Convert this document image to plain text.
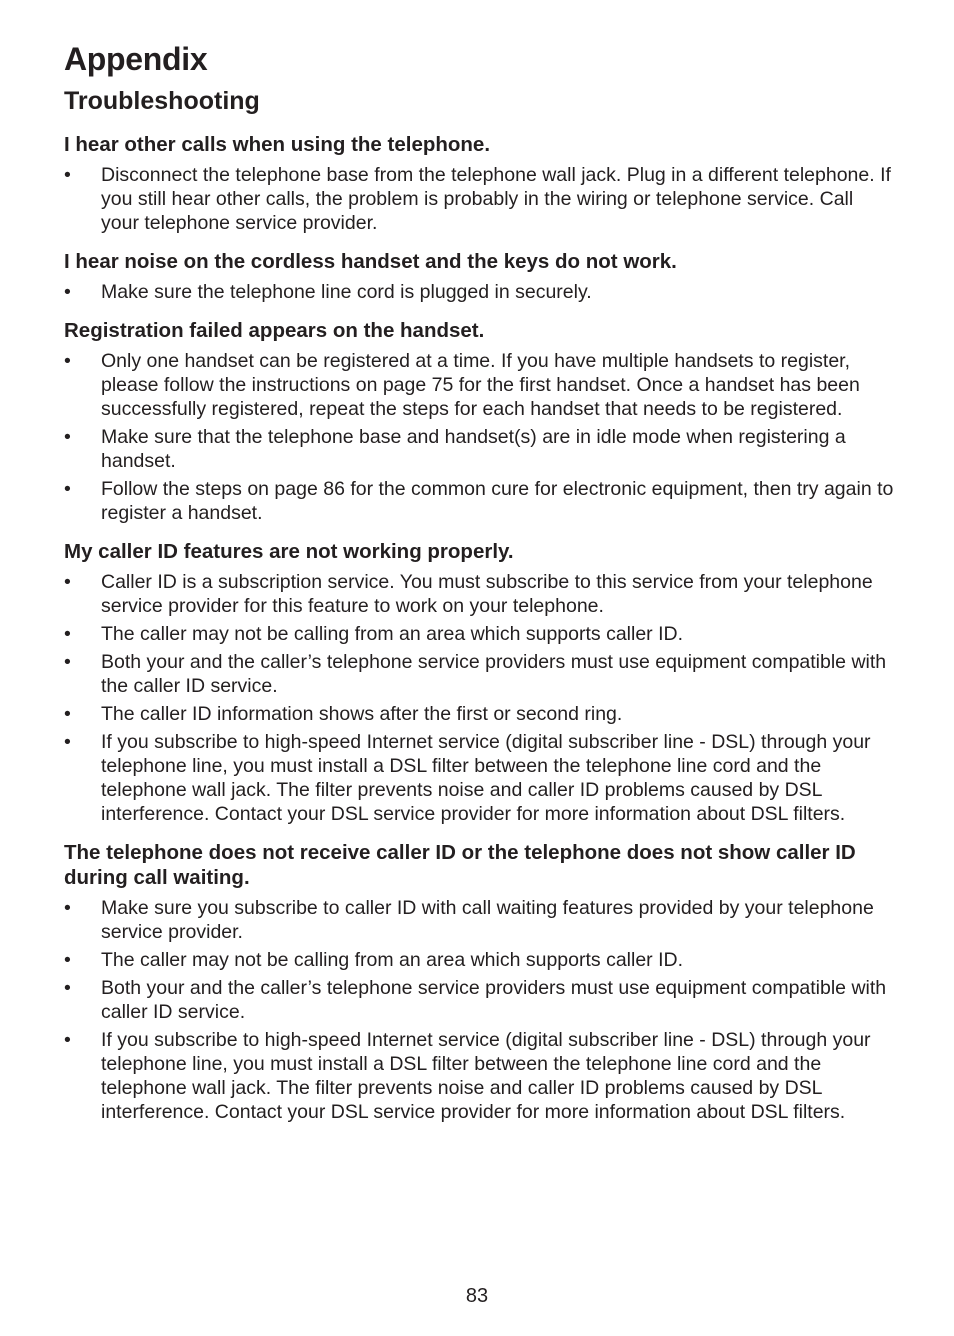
Appendix
Troubleshooting
I hear other calls when using the telephone.
• Disconnect the telephone base from the telephone wall jack. Plug in a different telephone. If you still hear other calls, the problem is probably in the wiring or telephone service. Call your telephone service provider.
I hear noise on the cordless handset and the keys do not work.
• Make sure the telephone line cord is plugged in securely.
Registration failed appears on the handset.
• Only one handset can be registered at a time. If you have multiple handsets to register, please follow the instructions on page 75 for the first handset. Once a handset has been successfully registered, repeat the steps for each handset that needs to be registered.
• Make sure that the telephone base and handset(s) are in idle mode when registering a handset.
• Follow the steps on page 86 for the common cure for electronic equipment, then try again to register a handset.
My caller ID features are not working properly.
• Caller ID is a subscription service. You must subscribe to this service from your telephone service provider for this feature to work on your telephone.
• The caller may not be calling from an area which supports caller ID.
• Both your and the caller’s telephone service providers must use equipment compatible with the caller ID service.
• The caller ID information shows after the first or second ring.
• If you subscribe to high-speed Internet service (digital subscriber line - DSL) through your telephone line, you must install a DSL filter between the telephone line cord and the telephone wall jack. The filter prevents noise and caller ID problems caused by DSL interference. Contact your DSL service provider for more information about DSL filters.
The telephone does not receive caller ID or the telephone does not show caller ID during call waiting.
• Make sure you subscribe to caller ID with call waiting features provided by your telephone service provider.
• The caller may not be calling from an area which supports caller ID.
• Both your and the caller’s telephone service providers must use equipment compatible with caller ID service.
• If you subscribe to high-speed Internet service (digital subscriber line - DSL) through your telephone line, you must install a DSL filter between the telephone line cord and the telephone wall jack. The filter prevents noise and caller ID problems caused by DSL interference. Contact your DSL service provider for more information about DSL filters.
83
